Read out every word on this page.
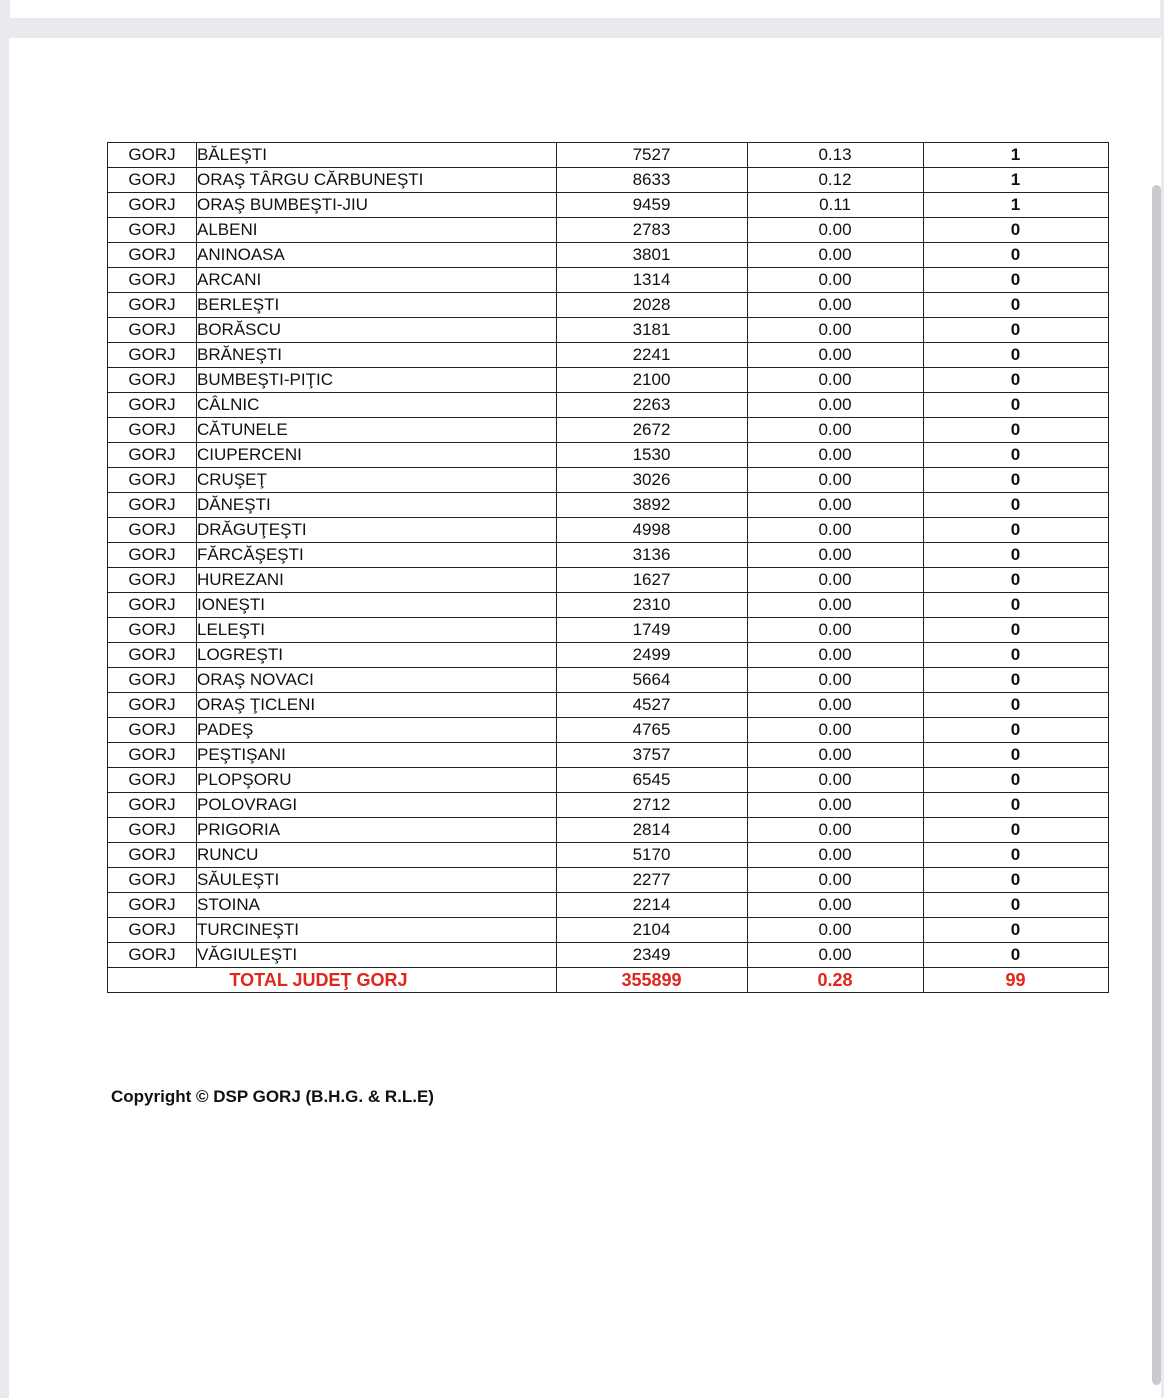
GORJ	BĂLEŞTI	7527	0.13	1
GORJ	ORAŞ TÂRGU CĂRBUNEŞTI	8633	0.12	1
GORJ	ORAŞ BUMBEŞTI-JIU	9459	0.11	1
GORJ	ALBENI	2783	0.00	0
GORJ	ANINOASA	3801	0.00	0
GORJ	ARCANI	1314	0.00	0
GORJ	BERLEŞTI	2028	0.00	0
GORJ	BORĂSCU	3181	0.00	0
GORJ	BRĂNEŞTI	2241	0.00	0
GORJ	BUMBEŞTI-PIŢIC	2100	0.00	0
GORJ	CÂLNIC	2263	0.00	0
GORJ	CĂTUNELE	2672	0.00	0
GORJ	CIUPERCENI	1530	0.00	0
GORJ	CRUŞEŢ	3026	0.00	0
GORJ	DĂNEŞTI	3892	0.00	0
GORJ	DRĂGUŢEŞTI	4998	0.00	0
GORJ	FĂRCĂŞEŞTI	3136	0.00	0
GORJ	HUREZANI	1627	0.00	0
GORJ	IONEŞTI	2310	0.00	0
GORJ	LELEŞTI	1749	0.00	0
GORJ	LOGREŞTI	2499	0.00	0
GORJ	ORAŞ NOVACI	5664	0.00	0
GORJ	ORAŞ ŢICLENI	4527	0.00	0
GORJ	PADEŞ	4765	0.00	0
GORJ	PEŞTIŞANI	3757	0.00	0
GORJ	PLOPŞORU	6545	0.00	0
GORJ	POLOVRAGI	2712	0.00	0
GORJ	PRIGORIA	2814	0.00	0
GORJ	RUNCU	5170	0.00	0
GORJ	SĂULEŞTI	2277	0.00	0
GORJ	STOINA	2214	0.00	0
GORJ	TURCINEŞTI	2104	0.00	0
GORJ	VĂGIULEŞTI	2349	0.00	0
	TOTAL JUDEŢ GORJ	355899	0.28	99
Copyright © DSP GORJ (B.H.G. & R.L.E)
